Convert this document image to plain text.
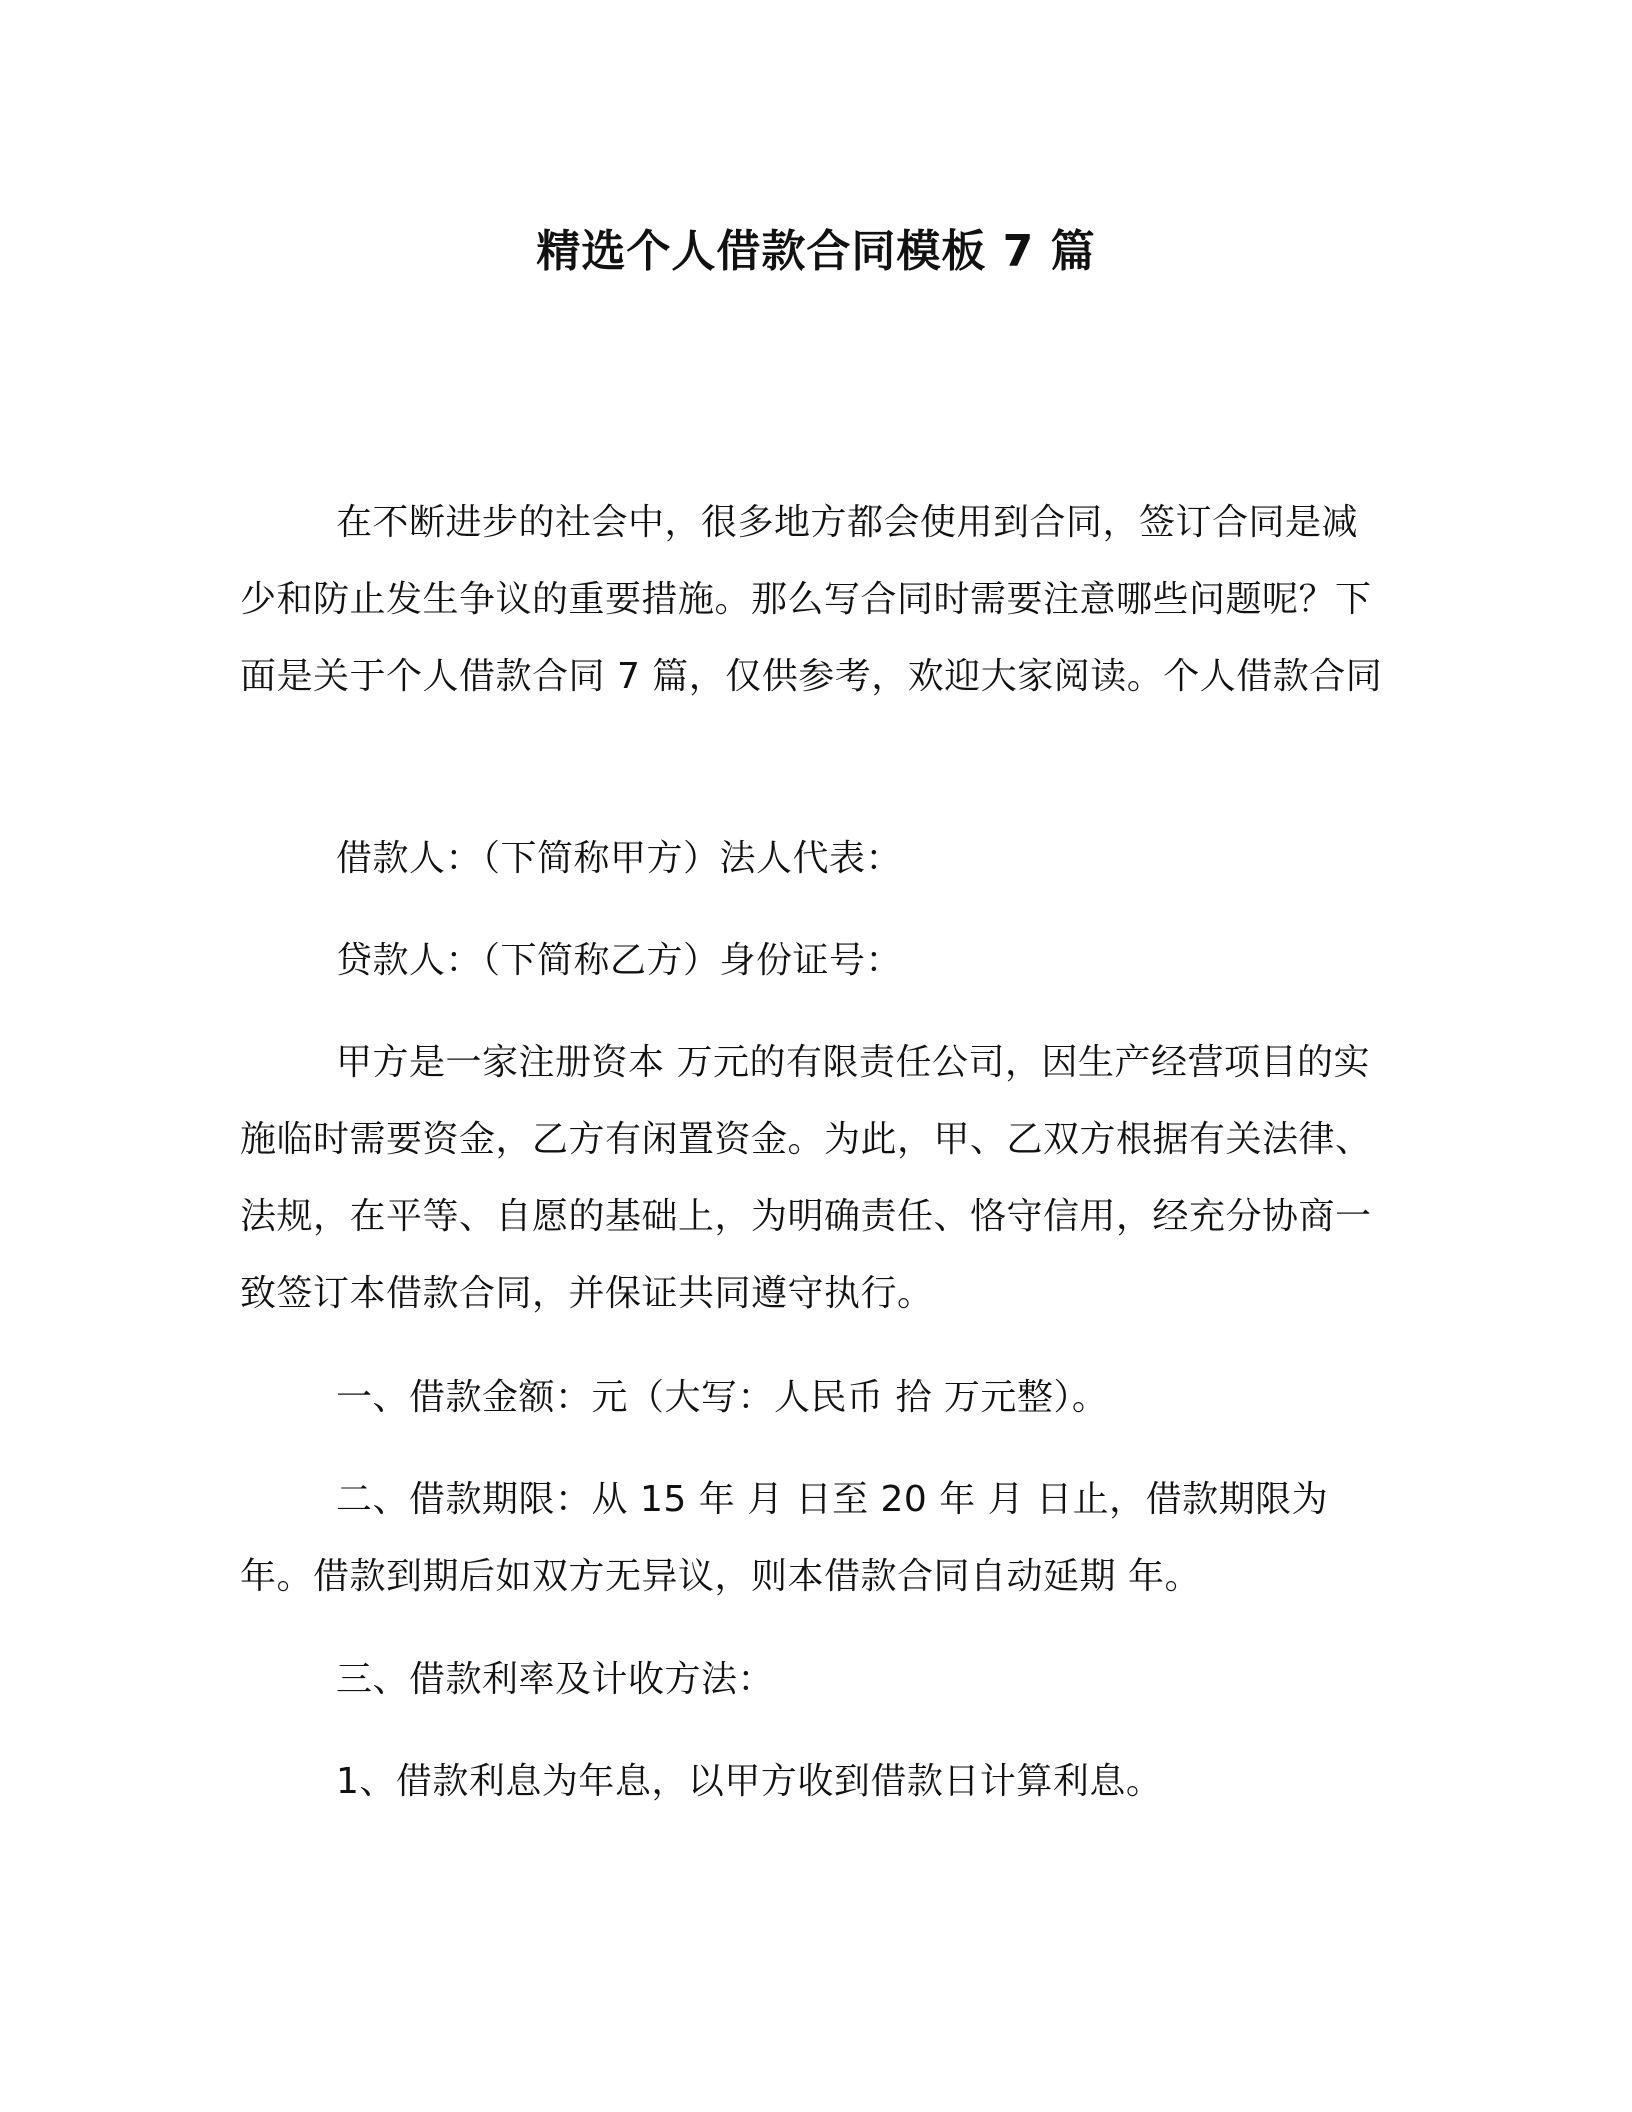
精选个人借款合同模板 7 篇

在不断进步的社会中，很多地方都会使用到合同，签订合同是减少和防止发生争议的重要措施。那么写合同时需要注意哪些问题呢？下面是关于个人借款合同 7 篇，仅供参考，欢迎大家阅读。个人借款合同

借款人：（下简称甲方）法人代表：

贷款人：（下简称乙方）身份证号：

甲方是一家注册资本 万元的有限责任公司，因生产经营项目的实施临时需要资金，乙方有闲置资金。为此，甲、乙双方根据有关法律、法规，在平等、自愿的基础上，为明确责任、恪守信用，经充分协商一致签订本借款合同，并保证共同遵守执行。

一、借款金额：元（大写：人民币 拾 万元整）。

二、借款期限：从 15 年 月 日至 20 年 月 日止，借款期限为 年。借款到期后如双方无异议，则本借款合同自动延期 年。

三、借款利率及计收方法：

1、借款利息为年息，以甲方收到借款日计算利息。
